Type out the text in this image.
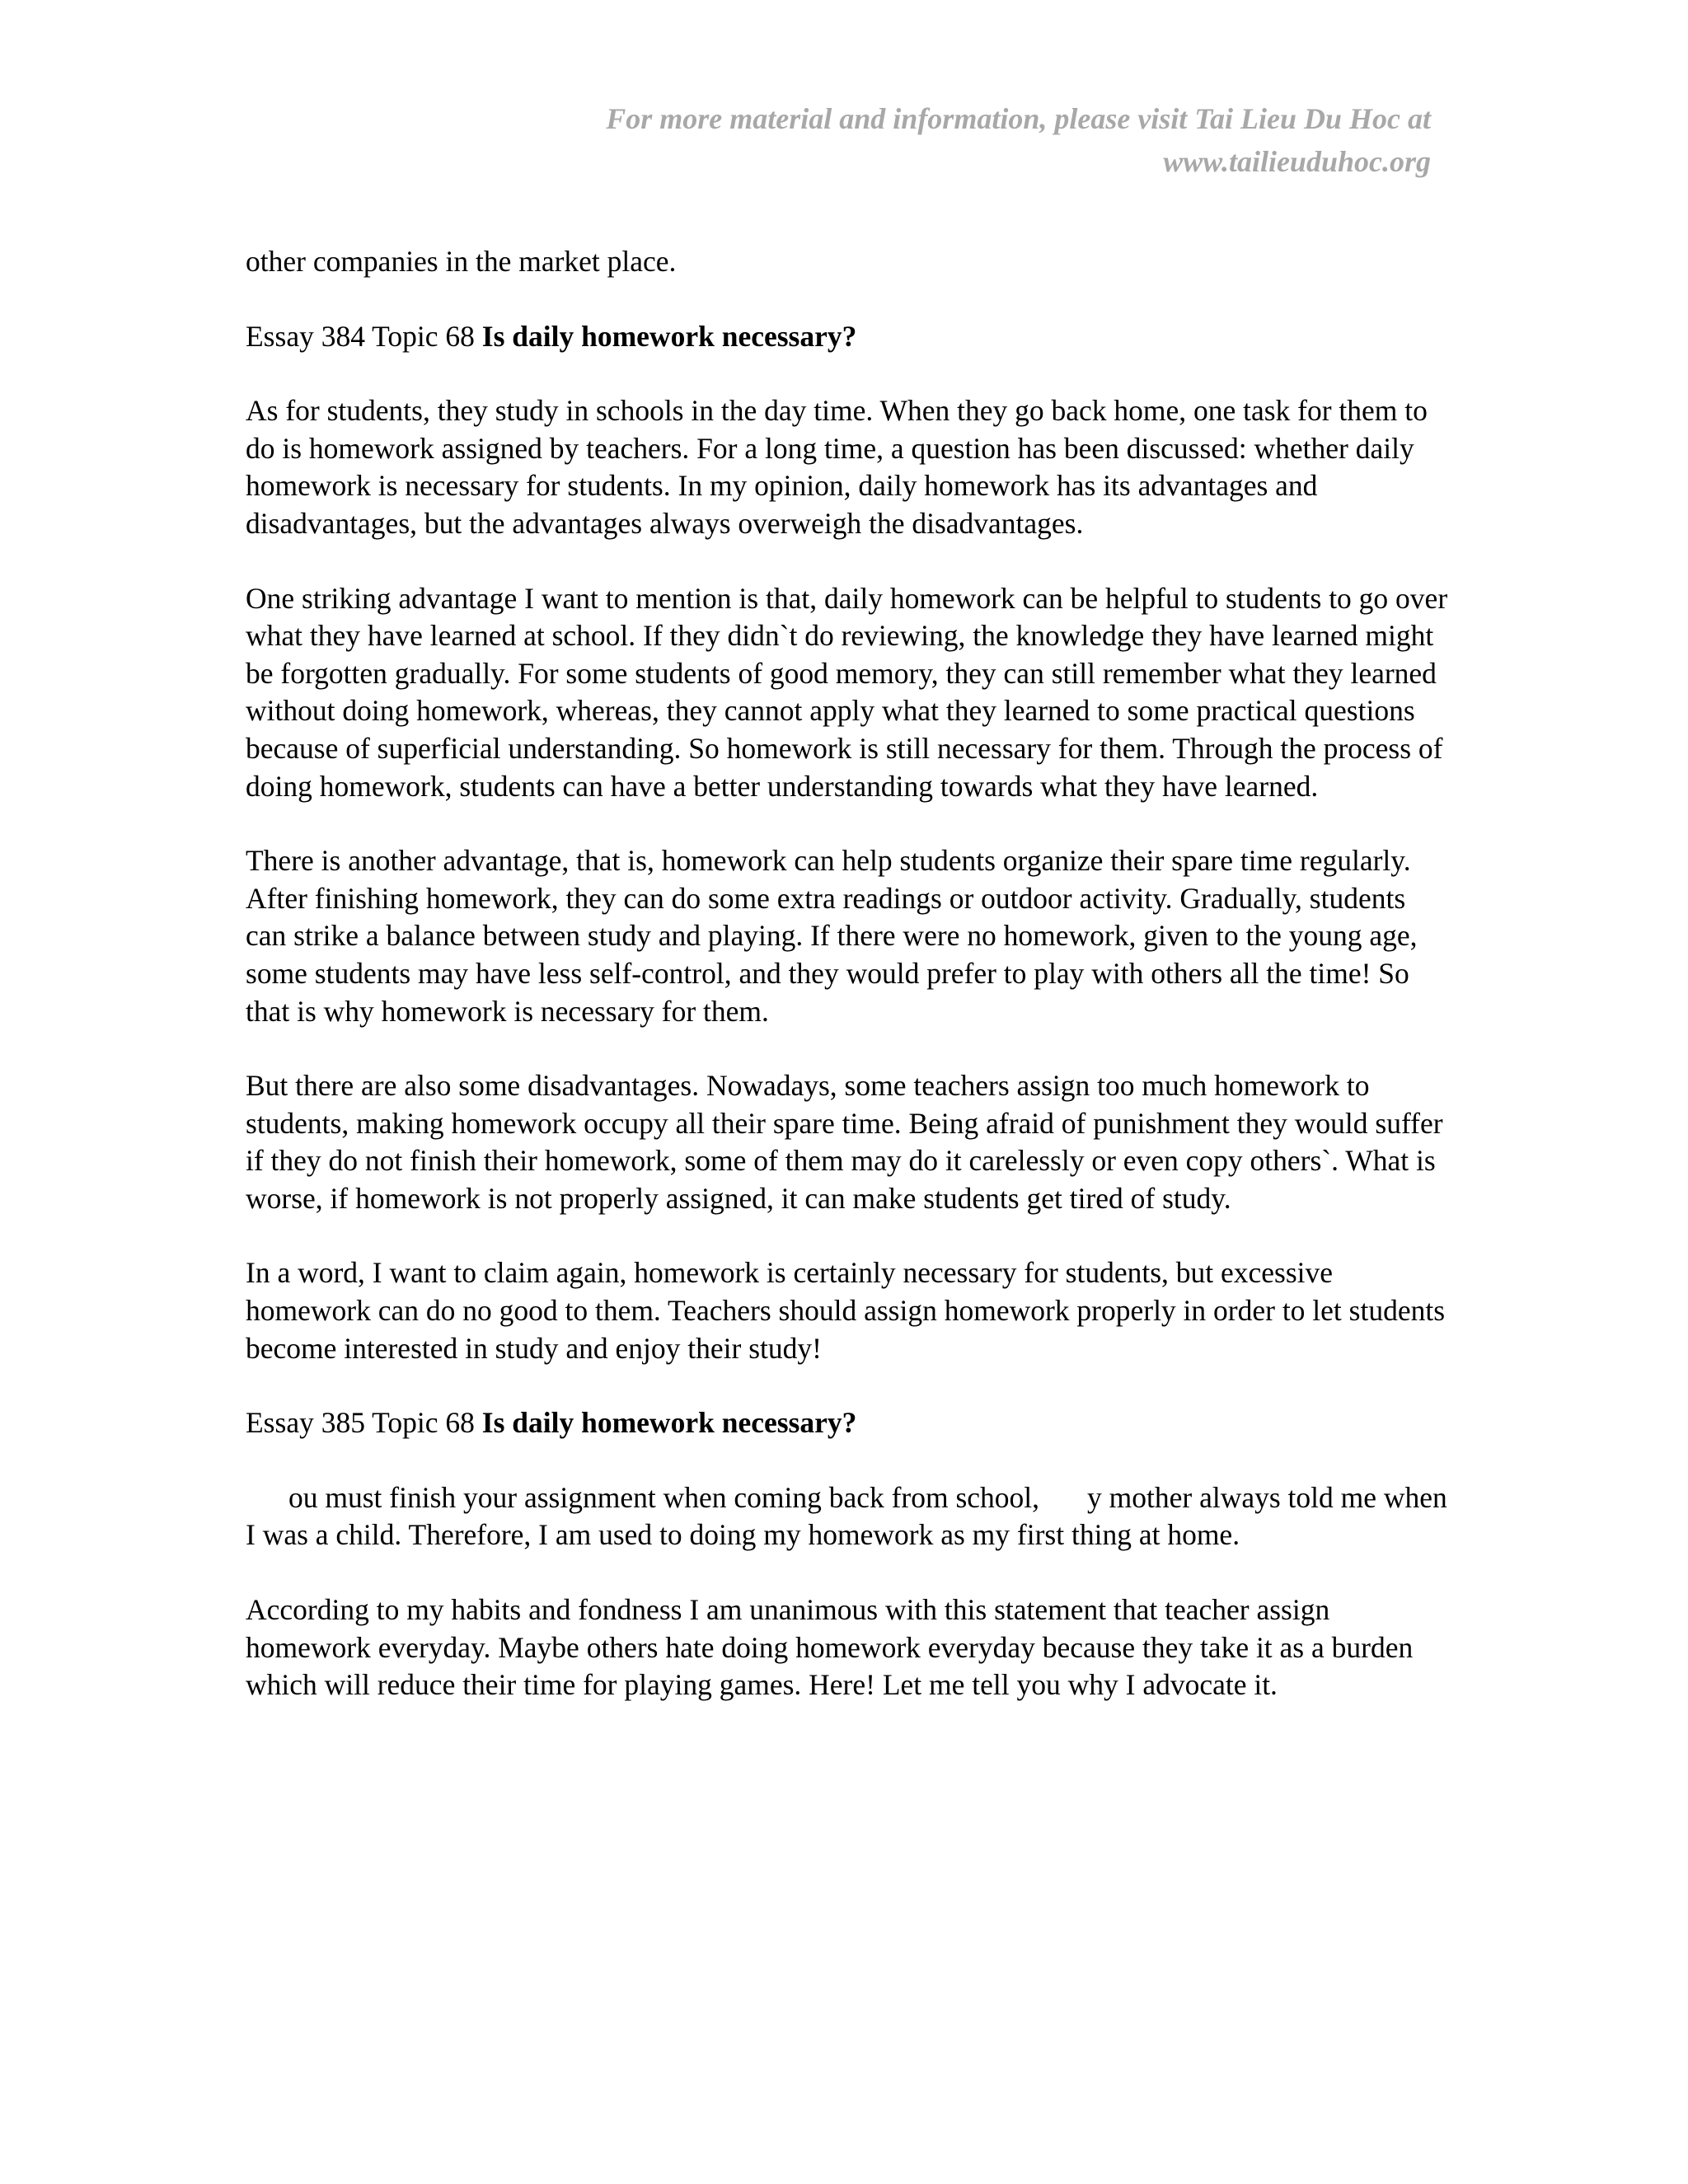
For more material and information, please visit Tai Lieu Du Hoc at
www.tailieuduhoc.org

other companies in the market place.

Essay 384 Topic 68 Is daily homework necessary?

As for students, they study in schools in the day time. When they go back home, one task for them to do is homework assigned by teachers. For a long time, a question has been discussed: whether daily homework is necessary for students. In my opinion, daily homework has its advantages and disadvantages, but the advantages always overweigh the disadvantages.

One striking advantage I want to mention is that, daily homework can be helpful to students to go over what they have learned at school. If they didn`t do reviewing, the knowledge they have learned might be forgotten gradually. For some students of good memory, they can still remember what they learned without doing homework, whereas, they cannot apply what they learned to some practical questions because of superficial understanding. So homework is still necessary for them. Through the process of doing homework, students can have a better understanding towards what they have learned.

There is another advantage, that is, homework can help students organize their spare time regularly. After finishing homework, they can do some extra readings or outdoor activity. Gradually, students can strike a balance between study and playing. If there were no homework, given to the young age, some students may have less self-control, and they would prefer to play with others all the time! So that is why homework is necessary for them.

But there are also some disadvantages. Nowadays, some teachers assign too much homework to students, making homework occupy all their spare time. Being afraid of punishment they would suffer if they do not finish their homework, some of them may do it carelessly or even copy others`. What is worse, if homework is not properly assigned, it can make students get tired of study.

In a word, I want to claim again, homework is certainly necessary for students, but excessive homework can do no good to them. Teachers should assign homework properly in order to let students become interested in study and enjoy their study!

Essay 385 Topic 68 Is daily homework necessary?

ou must finish your assignment when coming back from school, y mother always told me when I was a child. Therefore, I am used to doing my homework as my first thing at home.

According to my habits and fondness I am unanimous with this statement that teacher assign homework everyday. Maybe others hate doing homework everyday because they take it as a burden which will reduce their time for playing games. Here! Let me tell you why I advocate it.
